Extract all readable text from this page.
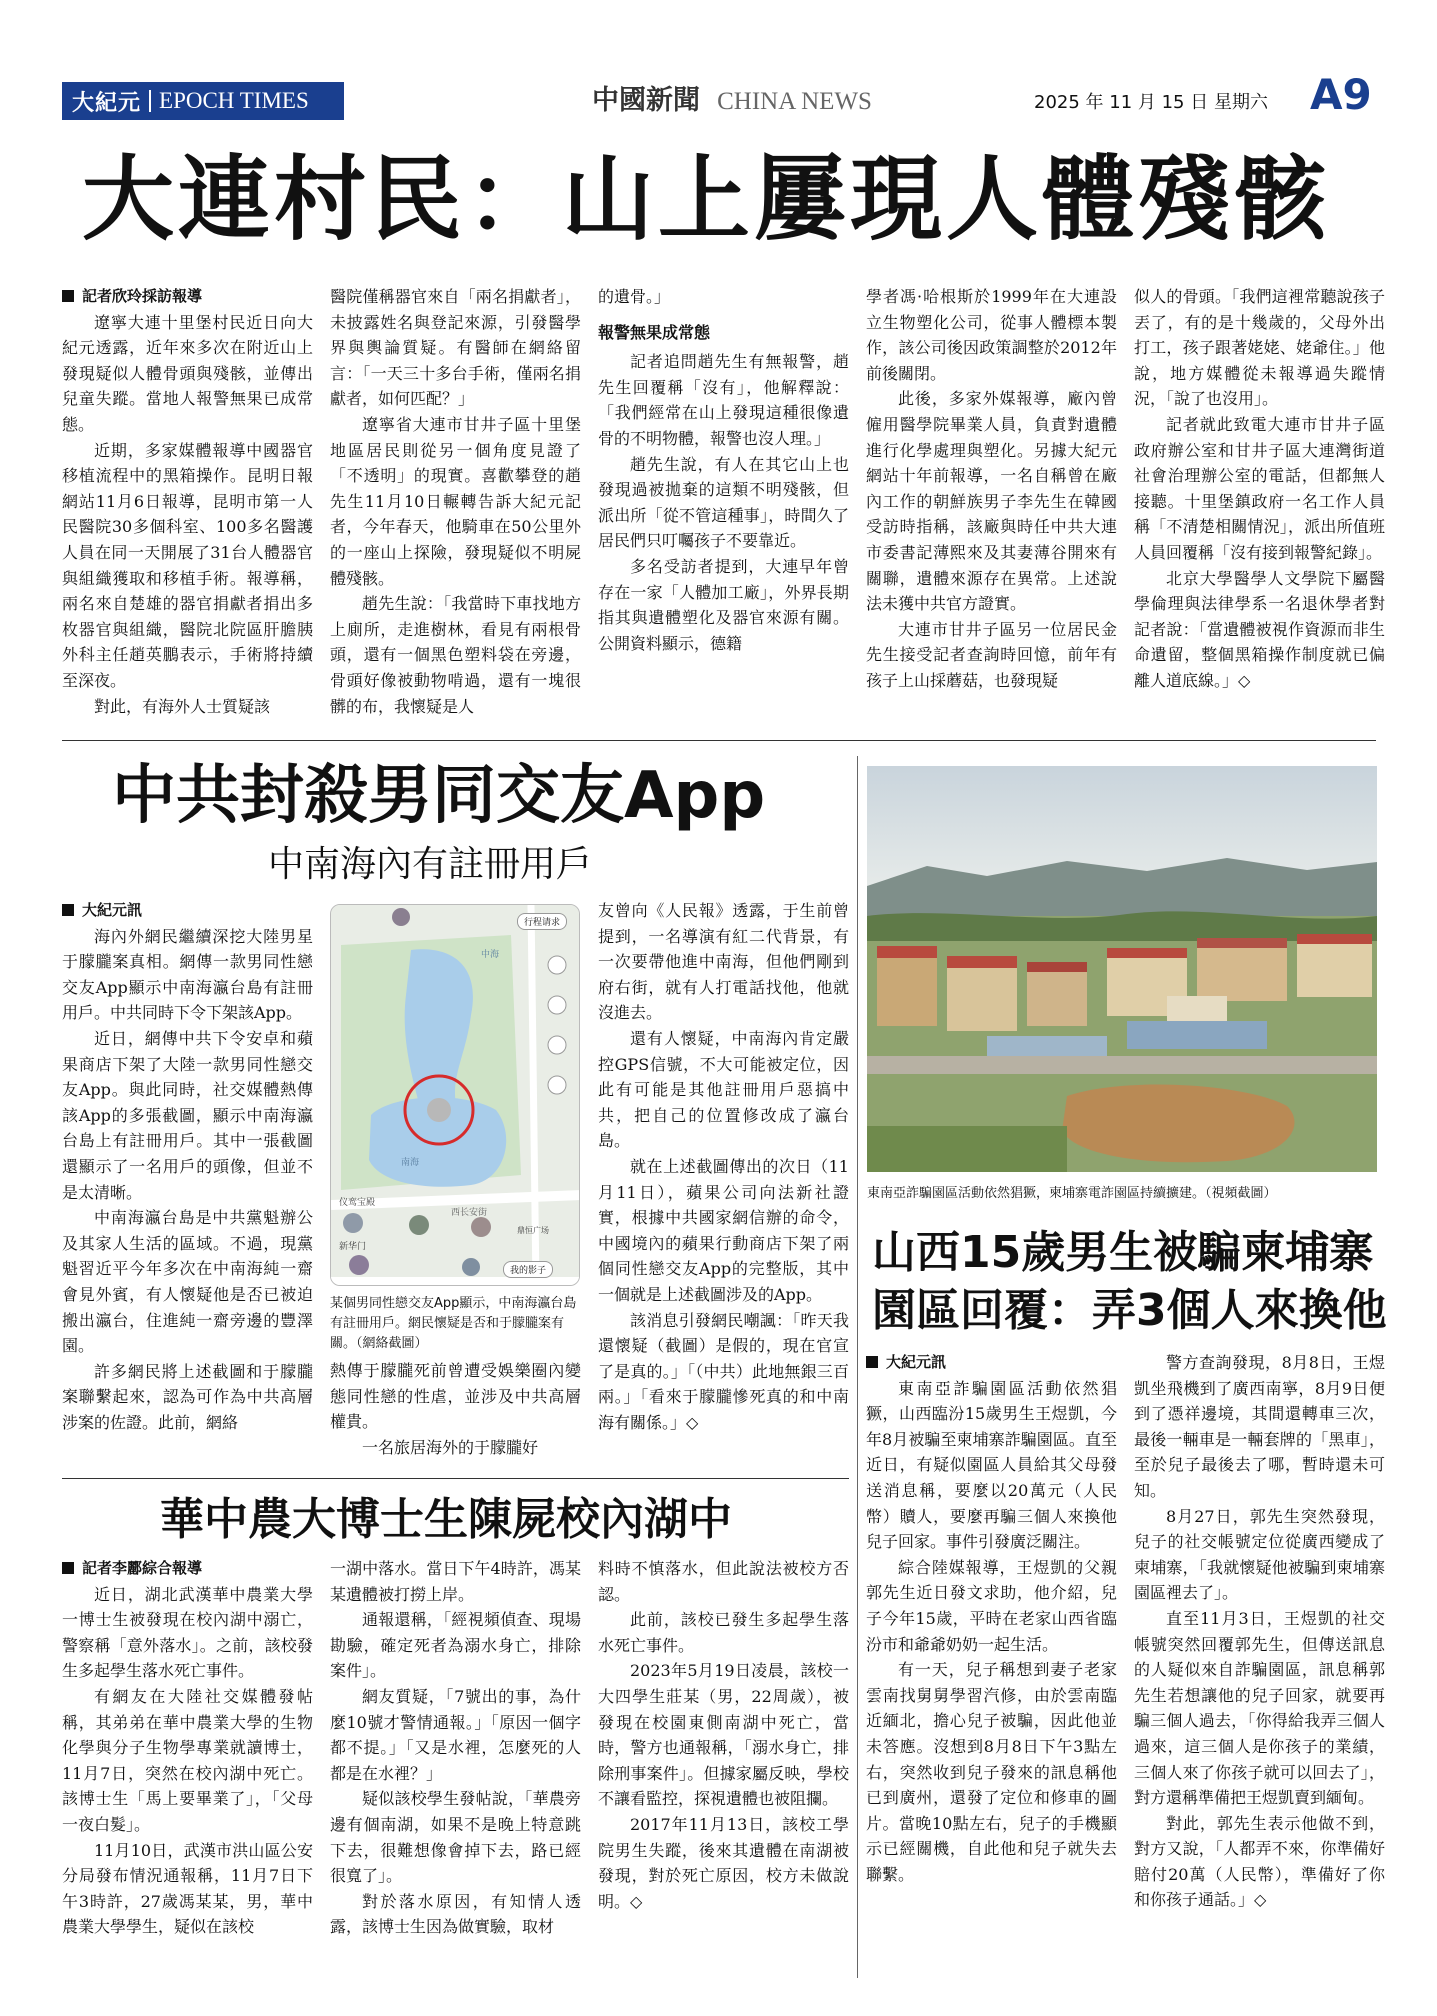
大紀元 EPOCH TIMES	中國新聞 CHINA NEWS	2025 年 11 月 15 日 星期六 A9
大連村民：山上屢現人體殘骸

記者欣玲採訪報導

遼寧大連十里堡村民近日向大紀元透露，近年來多次在附近山上發現疑似人體骨頭與殘骸，並傳出兒童失蹤。當地人報警無果已成常態。

近期，多家媒體報導中國器官移植流程中的黑箱操作。昆明日報網站11月6日報導，昆明市第一人民醫院30多個科室、100多名醫護人員在同一天開展了31台人體器官與組織獲取和移植手術。報導稱，兩名來自楚雄的器官捐獻者捐出多枚器官與組織，醫院北院區肝膽胰外科主任趙英鵬表示，手術將持續至深夜。

對此，有海外人士質疑該

醫院僅稱器官來自「兩名捐獻者」，未披露姓名與登記來源，引發醫學界與輿論質疑。有醫師在網絡留言：「一天三十多台手術，僅兩名捐獻者，如何匹配？」

遼寧省大連市甘井子區十里堡地區居民則從另一個角度見證了「不透明」的現實。喜歡攀登的趙先生11月10日輾轉告訴大紀元記者，今年春天，他騎車在50公里外的一座山上探險，發現疑似不明屍體殘骸。

趙先生說：「我當時下車找地方上廁所，走進樹林，看見有兩根骨頭，還有一個黑色塑料袋在旁邊，骨頭好像被動物啃過，還有一塊很髒的布，我懷疑是人

的遺骨。」

報警無果成常態

記者追問趙先生有無報警，趙先生回覆稱「沒有」，他解釋說：「我們經常在山上發現這種很像遺骨的不明物體，報警也沒人理。」

趙先生說，有人在其它山上也發現過被拋棄的這類不明殘骸，但派出所「從不管這種事」，時間久了居民們只叮囑孩子不要靠近。

多名受訪者提到，大連早年曾存在一家「人體加工廠」，外界長期指其與遺體塑化及器官來源有關。公開資料顯示，德籍

學者馮·哈根斯於1999年在大連設立生物塑化公司，從事人體標本製作，該公司後因政策調整於2012年前後關閉。

此後，多家外媒報導，廠內曾僱用醫學院畢業人員，負責對遺體進行化學處理與塑化。另據大紀元網站十年前報導，一名自稱曾在廠內工作的朝鮮族男子李先生在韓國受訪時指稱，該廠與時任中共大連市委書記薄熙來及其妻薄谷開來有關聯，遺體來源存在異常。上述說法未獲中共官方證實。

大連市甘井子區另一位居民金先生接受記者查詢時回憶，前年有孩子上山採蘑菇，也發現疑

似人的骨頭。「我們這裡常聽說孩子丟了，有的是十幾歲的，父母外出打工，孩子跟著姥姥、姥爺住。」他說，地方媒體從未報導過失蹤情況，「說了也沒用」。

記者就此致電大連市甘井子區政府辦公室和甘井子區大連灣街道社會治理辦公室的電話，但都無人接聽。十里堡鎮政府一名工作人員稱「不清楚相關情況」，派出所值班人員回覆稱「沒有接到報警紀錄」。

北京大學醫學人文學院下屬醫學倫理與法律學系一名退休學者對記者說：「當遺體被視作資源而非生命遺留，整個黑箱操作制度就已偏離人道底線。」◇

中共封殺男同交友App
中南海內有註冊用戶

大紀元訊

海內外網民繼續深挖大陸男星于朦朧案真相。網傳一款男同性戀交友App顯示中南海瀛台島有註冊用戶。中共同時下令下架該App。

近日，網傳中共下令安卓和蘋果商店下架了大陸一款男同性戀交友App。與此同時，社交媒體熱傳該App的多張截圖，顯示中南海瀛台島上有註冊用戶。其中一張截圖還顯示了一名用戶的頭像，但並不是太清晰。

中南海瀛台島是中共黨魁辦公及其家人生活的區域。不過，現黨魁習近平今年多次在中南海純一齋會見外賓，有人懷疑他是否已被迫搬出瀛台，住進純一齋旁邊的豐澤園。

許多網民將上述截圖和于朦朧案聯繫起來，認為可作為中共高層涉案的佐證。此前，網絡

中海
南海
仪鸾宝殿
西长安街
新华门
鼎恒广场
行程请求
我的影子
某個男同性戀交友App顯示，中南海瀛台島有註冊用戶。網民懷疑是否和于朦朧案有關。（網絡截圖）

熱傳于朦朧死前曾遭受娛樂圈內變態同性戀的性虐，並涉及中共高層權貴。

一名旅居海外的于朦朧好

友曾向《人民報》透露，于生前曾提到，一名導演有紅二代背景，有一次要帶他進中南海，但他們剛到府右街，就有人打電話找他，他就沒進去。

還有人懷疑，中南海內肯定嚴控GPS信號，不大可能被定位，因此有可能是其他註冊用戶惡搞中共，把自己的位置修改成了瀛台島。

就在上述截圖傳出的次日（11月11日），蘋果公司向法新社證實，根據中共國家網信辦的命令，中國境內的蘋果行動商店下架了兩個同性戀交友App的完整版，其中一個就是上述截圖涉及的App。

該消息引發網民嘲諷：「昨天我還懷疑（截圖）是假的，現在官宣了是真的。」「（中共）此地無銀三百兩。」「看來于朦朧慘死真的和中南海有關係。」◇

東南亞詐騙園區活動依然猖獗，柬埔寨電詐園區持續擴建。（視頻截圖）
山西15歲男生被騙柬埔寨
園區回覆：弄3個人來換他

大紀元訊

東南亞詐騙園區活動依然猖獗，山西臨汾15歲男生王煜凱，今年8月被騙至柬埔寨詐騙園區。直至近日，有疑似園區人員給其父母發送消息稱，要麼以20萬元（人民幣）贖人，要麼再騙三個人來換他兒子回家。事件引發廣泛關注。

綜合陸媒報導，王煜凱的父親郭先生近日發文求助，他介紹，兒子今年15歲，平時在老家山西省臨汾市和爺爺奶奶一起生活。

有一天，兒子稱想到妻子老家雲南找舅舅學習汽修，由於雲南臨近緬北，擔心兒子被騙，因此他並未答應。沒想到8月8日下午3點左右，突然收到兒子發來的訊息稱他已到廣州，還發了定位和修車的圖片。當晚10點左右，兒子的手機顯示已經關機，自此他和兒子就失去聯繫。

警方查詢發現，8月8日，王煜凱坐飛機到了廣西南寧，8月9日便到了憑祥邊境，其間還轉車三次，最後一輛車是一輛套牌的「黑車」，至於兒子最後去了哪，暫時還未可知。

8月27日，郭先生突然發現，兒子的社交帳號定位從廣西變成了柬埔寨，「我就懷疑他被騙到柬埔寨園區裡去了」。

直至11月3日，王煜凱的社交帳號突然回覆郭先生，但傳送訊息的人疑似來自詐騙園區，訊息稱郭先生若想讓他的兒子回家，就要再騙三個人過去，「你得給我弄三個人過來，這三個人是你孩子的業績，三個人來了你孩子就可以回去了」，對方還稱準備把王煜凱賣到緬甸。

對此，郭先生表示他做不到，對方又說，「人都弄不來，你準備好賠付20萬（人民幣），準備好了你和你孩子通話。」◇

華中農大博士生陳屍校內湖中

記者李酈綜合報導

近日，湖北武漢華中農業大學一博士生被發現在校內湖中溺亡，警察稱「意外落水」。之前，該校發生多起學生落水死亡事件。

有網友在大陸社交媒體發帖稱，其弟弟在華中農業大學的生物化學與分子生物學專業就讀博士，11月7日，突然在校內湖中死亡。該博士生「馬上要畢業了」，「父母一夜白髮」。

11月10日，武漢市洪山區公安分局發布情況通報稱，11月7日下午3時許，27歲馮某某，男，華中農業大學學生，疑似在該校

一湖中落水。當日下午4時許，馮某某遺體被打撈上岸。

通報還稱，「經視頻偵查、現場勘驗，確定死者為溺水身亡，排除案件」。

網友質疑，「7號出的事，為什麼10號才警情通報。」「原因一個字都不提。」「又是水裡，怎麼死的人都是在水裡？」

疑似該校學生發帖說，「華農旁邊有個南湖，如果不是晚上特意跳下去，很難想像會掉下去，路已經很寬了」。

對於落水原因，有知情人透露，該博士生因為做實驗，取材

料時不慎落水，但此說法被校方否認。

此前，該校已發生多起學生落水死亡事件。

2023年5月19日凌晨，該校一大四學生莊某（男，22周歲），被發現在校園東側南湖中死亡，當時，警方也通報稱，「溺水身亡，排除刑事案件」。但據家屬反映，學校不讓看監控，探視遺體也被阻攔。

2017年11月13日，該校工學院男生失蹤，後來其遺體在南湖被發現，對於死亡原因，校方未做說明。◇
